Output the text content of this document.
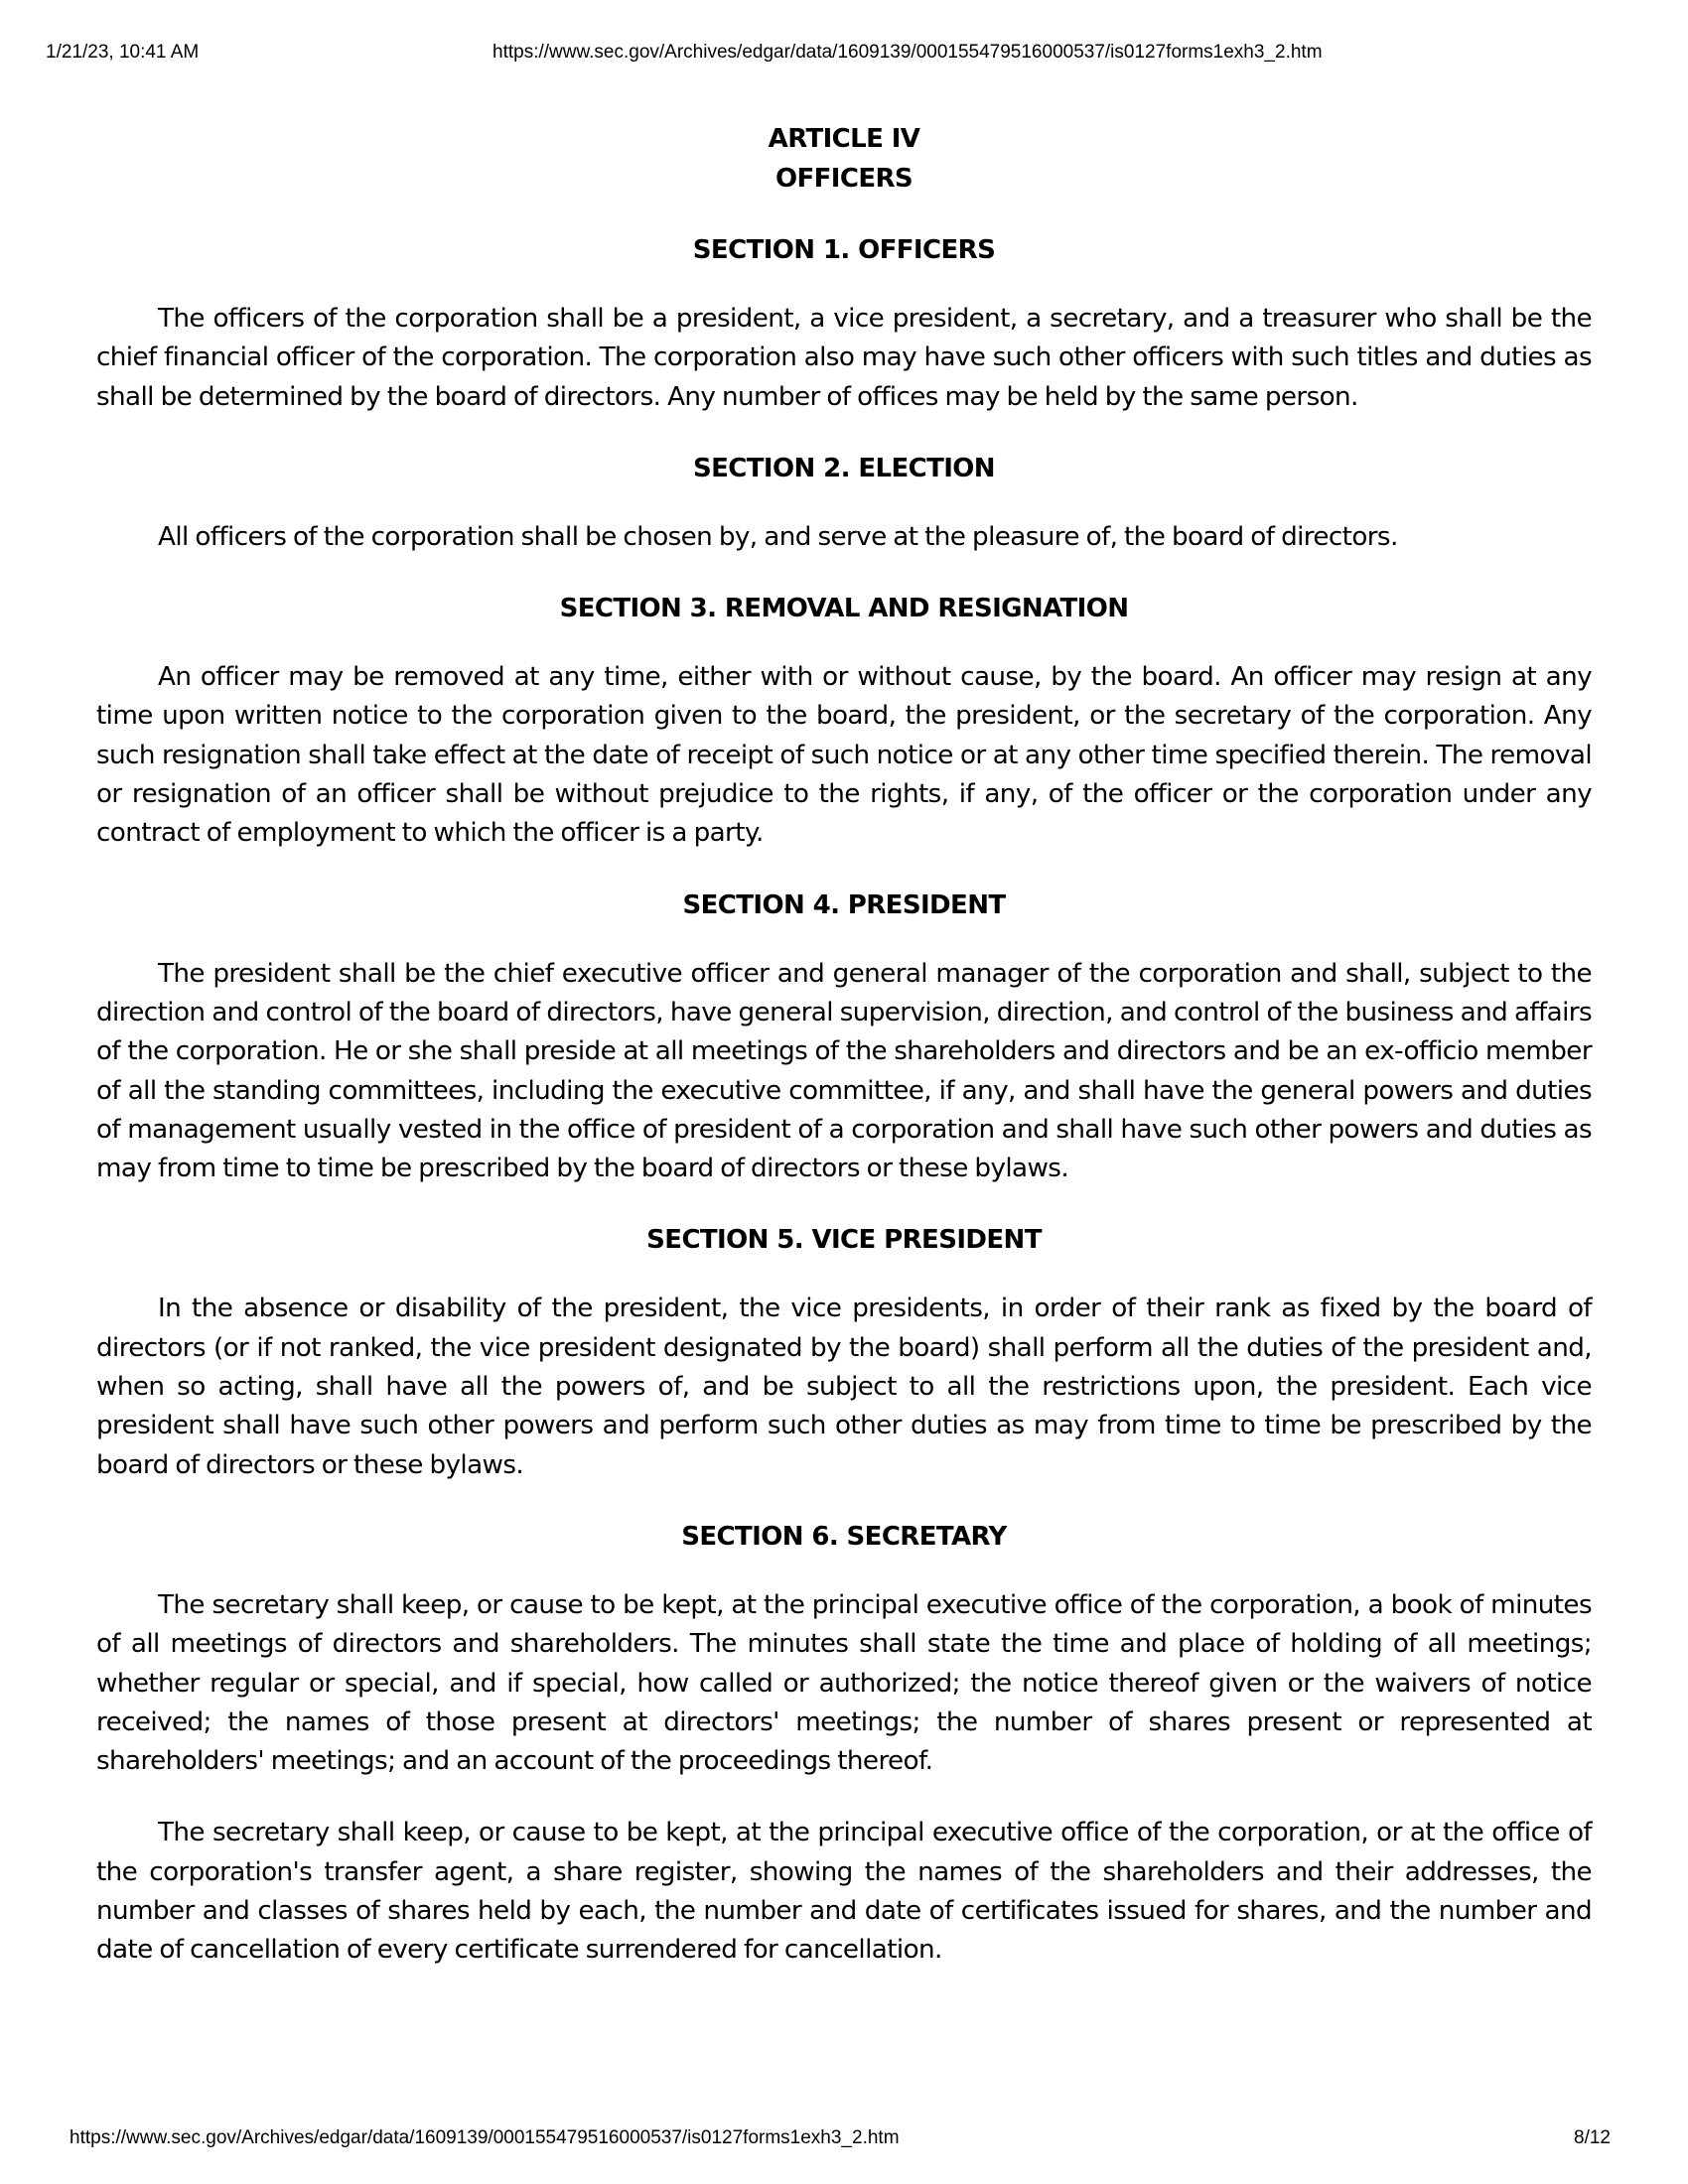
1/21/23, 10:41 AM	https://www.sec.gov/Archives/edgar/data/1609139/000155479516000537/is0127forms1exh3_2.htm
ARTICLE IV
OFFICERS
SECTION 1. OFFICERS

The officers of the corporation shall be a president, a vice president, a secretary, and a treasurer who shall be the chief financial officer of the corporation. The corporation also may have such other officers with such titles and duties as shall be determined by the board of directors. Any number of offices may be held by the same person.

SECTION 2. ELECTION

All officers of the corporation shall be chosen by, and serve at the pleasure of, the board of directors.

SECTION 3. REMOVAL AND RESIGNATION

An officer may be removed at any time, either with or without cause, by the board. An officer may resign at any time upon written notice to the corporation given to the board, the president, or the secretary of the corporation. Any such resignation shall take effect at the date of receipt of such notice or at any other time specified therein. The removal or resignation of an officer shall be without prejudice to the rights, if any, of the officer or the corporation under any contract of employment to which the officer is a party.

SECTION 4. PRESIDENT

The president shall be the chief executive officer and general manager of the corporation and shall, subject to the direction and control of the board of directors, have general supervision, direction, and control of the business and affairs of the corporation. He or she shall preside at all meetings of the shareholders and directors and be an ex-officio member of all the standing committees, including the executive committee, if any, and shall have the general powers and duties of management usually vested in the office of president of a corporation and shall have such other powers and duties as may from time to time be prescribed by the board of directors or these bylaws.

SECTION 5. VICE PRESIDENT

In the absence or disability of the president, the vice presidents, in order of their rank as fixed by the board of directors (or if not ranked, the vice president designated by the board) shall perform all the duties of the president and, when so acting, shall have all the powers of, and be subject to all the restrictions upon, the president. Each vice president shall have such other powers and perform such other duties as may from time to time be prescribed by the board of directors or these bylaws.

SECTION 6. SECRETARY

The secretary shall keep, or cause to be kept, at the principal executive office of the corporation, a book of minutes of all meetings of directors and shareholders. The minutes shall state the time and place of holding of all meetings; whether regular or special, and if special, how called or authorized; the notice thereof given or the waivers of notice received; the names of those present at directors' meetings; the number of shares present or represented at shareholders' meetings; and an account of the proceedings thereof.

The secretary shall keep, or cause to be kept, at the principal executive office of the corporation, or at the office of the corporation's transfer agent, a share register, showing the names of the shareholders and their addresses, the number and classes of shares held by each, the number and date of certificates issued for shares, and the number and date of cancellation of every certificate surrendered for cancellation.

https://www.sec.gov/Archives/edgar/data/1609139/000155479516000537/is0127forms1exh3_2.htm	8/12
